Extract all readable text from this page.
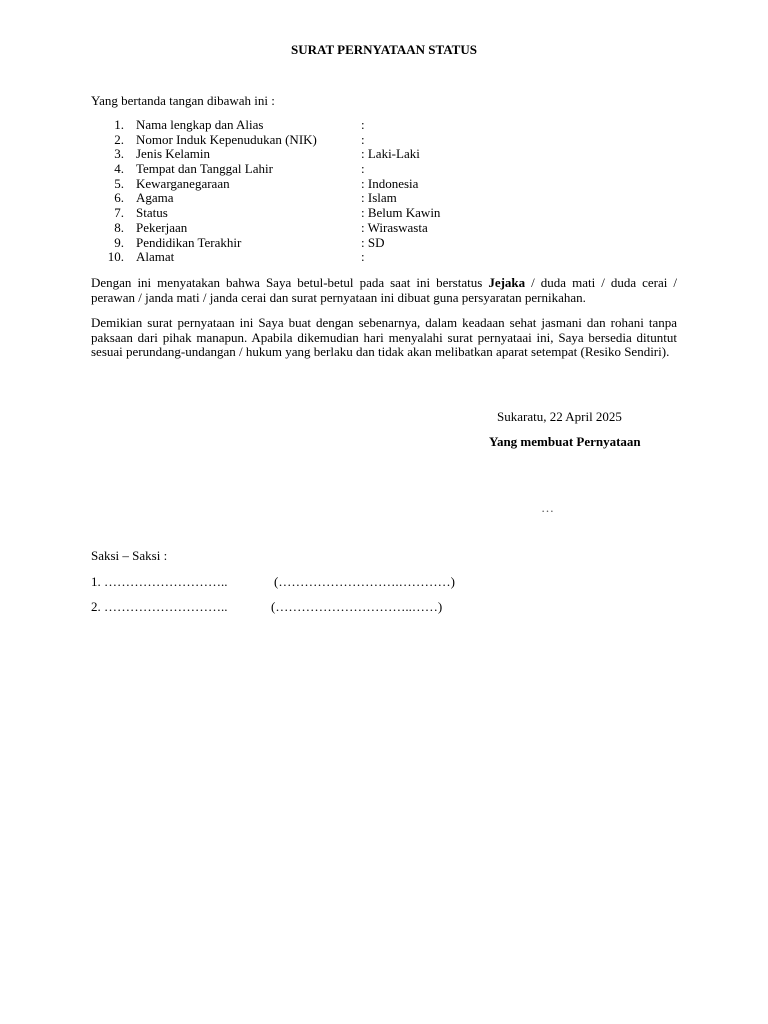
SURAT PERNYATAAN STATUS
Yang bertanda tangan dibawah ini :
1. Nama lengkap dan Alias	:
2. Nomor Induk Kepenudukan (NIK)	:
3. Jenis Kelamin	: Laki-Laki
4. Tempat dan Tanggal Lahir	:
5. Kewarganegaraan	: Indonesia
6. Agama	: Islam
7. Status	: Belum Kawin
8. Pekerjaan	: Wiraswasta
9. Pendidikan Terakhir	: SD
10. Alamat	:
Dengan ini menyatakan bahwa Saya betul-betul pada saat ini berstatus Jejaka / duda mati / duda cerai / perawan / janda mati / janda cerai dan surat pernyataan ini dibuat guna persyaratan pernikahan.
Demikian surat pernyataan ini Saya buat dengan sebenarnya, dalam keadaan sehat jasmani dan rohani tanpa paksaan dari pihak manapun. Apabila dikemudian hari menyalahi surat pernyataai ini, Saya bersedia dituntut sesuai perundang-undangan / hukum yang berlaku dan tidak akan melibatkan aparat setempat (Resiko Sendiri).
Sukaratu, 22 April 2025
Yang membuat Pernyataan
…
Saksi – Saksi :
1. ………………………..	(……………………….…………)
2. ………………………..	(…………………………..……)
